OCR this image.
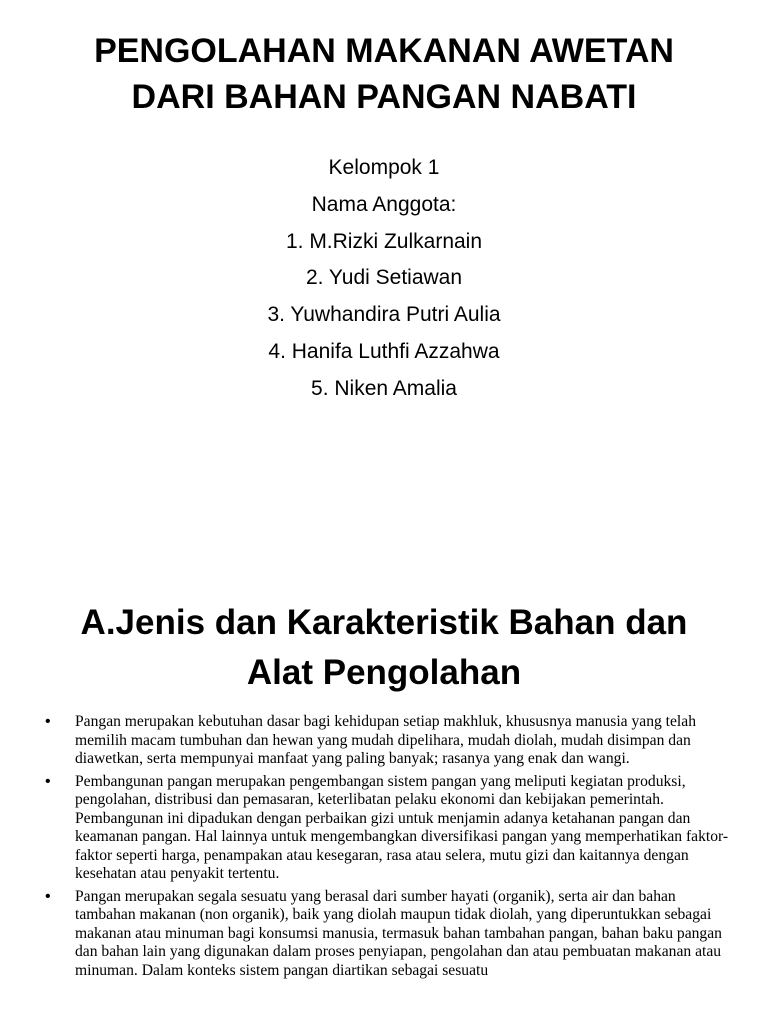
PENGOLAHAN MAKANAN AWETAN
DARI BAHAN PANGAN NABATI
Kelompok 1
Nama Anggota:
1. M.Rizki Zulkarnain
2. Yudi Setiawan
3. Yuwhandira Putri Aulia
4. Hanifa Luthfi Azzahwa
5. Niken Amalia
A.Jenis dan Karakteristik Bahan dan
Alat Pengolahan
• Pangan merupakan kebutuhan dasar bagi kehidupan setiap makhluk, khususnya manusia yang telah memilih macam tumbuhan dan hewan yang mudah dipelihara, mudah diolah, mudah disimpan dan diawetkan, serta mempunyai manfaat yang paling banyak; rasanya yang enak dan wangi.
• Pembangunan pangan merupakan pengembangan sistem pangan yang meliputi kegiatan produksi, pengolahan, distribusi dan pemasaran, keterlibatan pelaku ekonomi dan kebijakan pemerintah. Pembangunan ini dipadukan dengan perbaikan gizi untuk menjamin adanya ketahanan pangan dan keamanan pangan. Hal lainnya untuk mengembangkan diversifikasi pangan yang memperhatikan faktor-faktor seperti harga, penampakan atau kesegaran, rasa atau selera, mutu gizi dan kaitannya dengan kesehatan atau penyakit tertentu.
• Pangan merupakan segala sesuatu yang berasal dari sumber hayati (organik), serta air dan bahan tambahan makanan (non organik), baik yang diolah maupun tidak diolah, yang diperuntukkan sebagai makanan atau minuman bagi konsumsi manusia, termasuk bahan tambahan pangan, bahan baku pangan dan bahan lain yang digunakan dalam proses penyiapan, pengolahan dan atau pembuatan makanan atau minuman. Dalam konteks sistem pangan diartikan sebagai sesuatu
